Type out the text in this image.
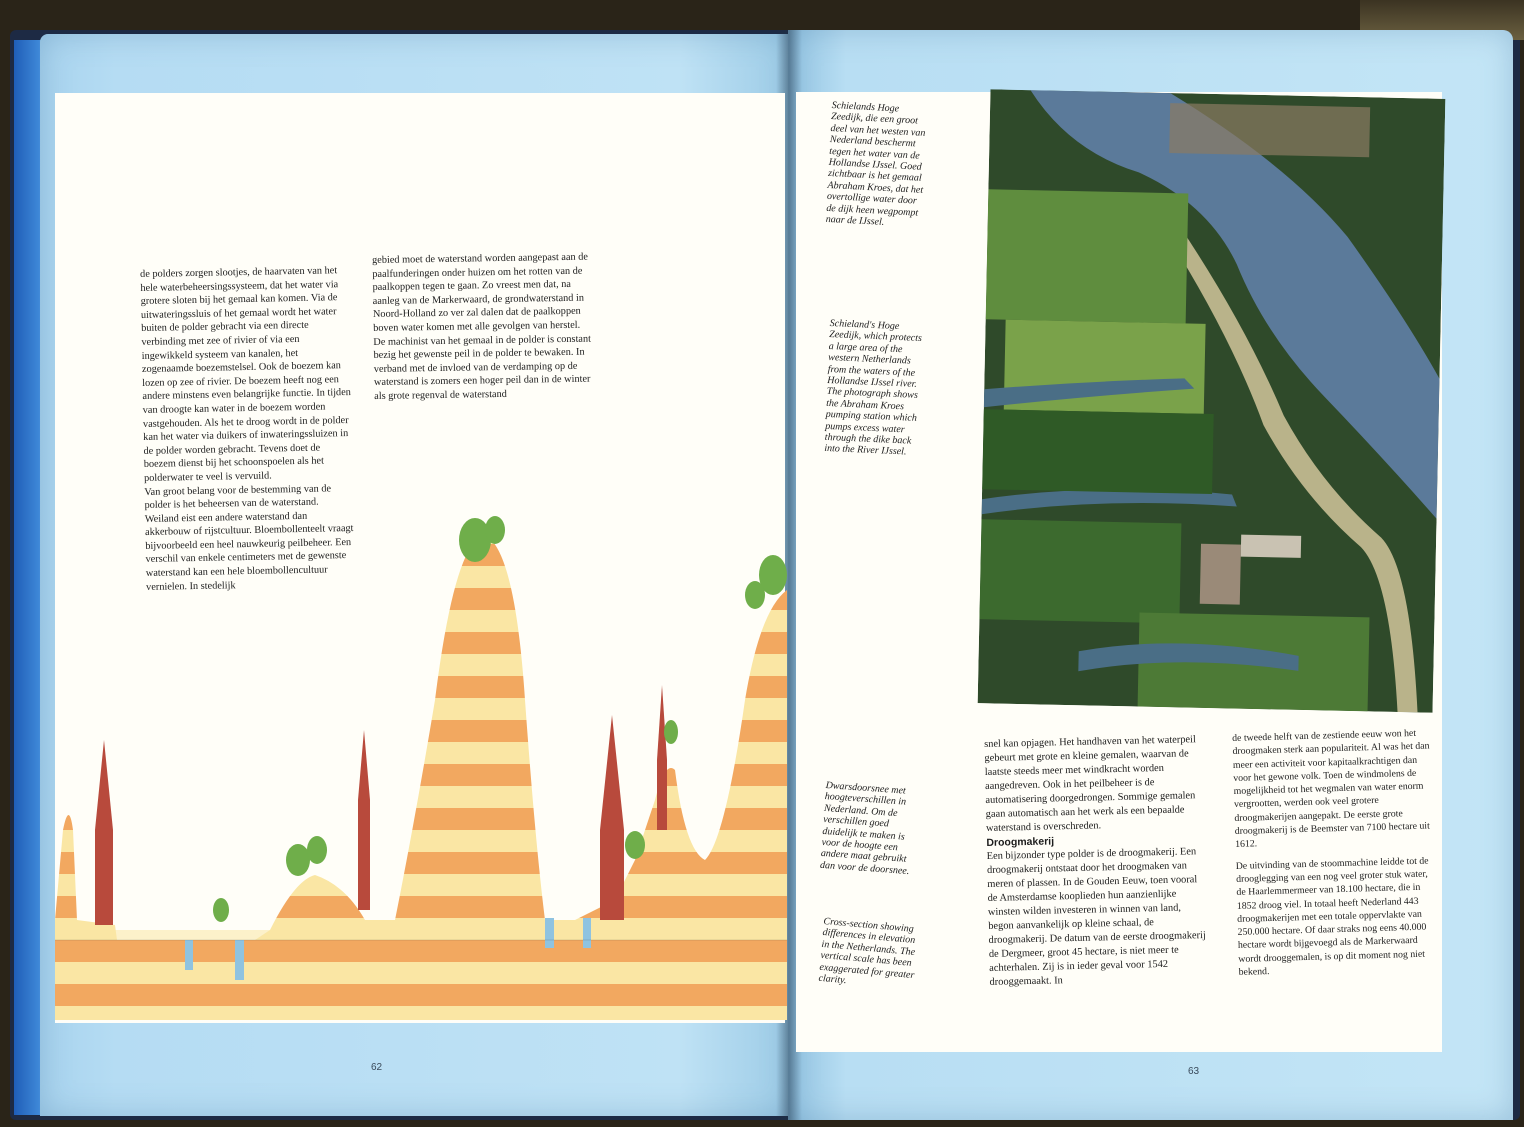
de polders zorgen slootjes, de haarvaten van het hele waterbeheersingssysteem, dat het water via grotere sloten bij het gemaal kan komen. Via de uitwateringssluis of het gemaal wordt het water buiten de polder gebracht via een directe verbinding met zee of rivier of via een ingewikkeld systeem van kanalen, het zogenaamde boezemstelsel. Ook de boezem kan lozen op zee of rivier. De boezem heeft nog een andere minstens even belangrijke functie. In tijden van droogte kan water in de boezem worden vastgehouden. Als het te droog wordt in de polder kan het water via duikers of inwateringssluizen in de polder worden gebracht. Tevens doet de boezem dienst bij het schoonspoelen als het polderwater te veel is vervuild.

Van groot belang voor de bestemming van de polder is het beheersen van de waterstand. Weiland eist een andere waterstand dan akkerbouw of rijstcultuur. Bloembollenteelt vraagt bijvoorbeeld een heel nauwkeurig peilbeheer. Een verschil van enkele centimeters met de gewenste waterstand kan een hele bloembollencultuur vernielen. In stedelijk

gebied moet de waterstand worden aangepast aan de paalfunderingen onder huizen om het rotten van de paalkoppen tegen te gaan. Zo vreest men dat, na aanleg van de Markerwaard, de grondwaterstand in Noord-Holland zo ver zal dalen dat de paalkoppen boven water komen met alle gevolgen van herstel.

De machinist van het gemaal in de polder is constant bezig het gewenste peil in de polder te bewaken. In verband met de invloed van de verdamping op de waterstand is zomers een hoger peil dan in de winter als grote regenval de waterstand

Schielands Hoge Zeedijk, die een groot deel van het westen van Nederland beschermt tegen het water van de Hollandse IJssel. Goed zichtbaar is het gemaal Abraham Kroes, dat het overtollige water door de dijk heen wegpompt naar de IJssel.

Schieland's Hoge Zeedijk, which protects a large area of the western Netherlands from the waters of the Hollandse IJssel river. The photograph shows the Abraham Kroes pumping station which pumps excess water through the dike back into the River IJssel.

Dwarsdoorsnee met hoogteverschillen in Nederland. Om de verschillen goed duidelijk te maken is voor de hoogte een andere maat gebruikt dan voor de doorsnee.

Cross-section showing differences in elevation in the Netherlands. The vertical scale has been exaggerated for greater clarity.

snel kan opjagen. Het handhaven van het waterpeil gebeurt met grote en kleine gemalen, waarvan de laatste steeds meer met windkracht worden aangedreven. Ook in het peilbeheer is de automatisering doorgedrongen. Sommige gemalen gaan automatisch aan het werk als een bepaalde waterstand is overschreden.

Droogmakerij

Een bijzonder type polder is de droogmakerij. Een droogmakerij ontstaat door het droogmaken van meren of plassen. In de Gouden Eeuw, toen vooral de Amsterdamse kooplieden hun aanzienlijke winsten wilden investeren in winnen van land, begon aanvankelijk op kleine schaal, de droogmakerij. De datum van de eerste droogmakerij de Dergmeer, groot 45 hectare, is niet meer te achterhalen. Zij is in ieder geval voor 1542 drooggemaakt. In

de tweede helft van de zestiende eeuw won het droogmaken sterk aan populariteit. Al was het dan meer een activiteit voor kapitaalkrachtigen dan voor het gewone volk. Toen de windmolens de mogelijkheid tot het wegmalen van water enorm vergrootten, werden ook veel grotere droogmakerijen aangepakt. De eerste grote droogmakerij is de Beemster van 7100 hectare uit 1612.

De uitvinding van de stoommachine leidde tot de drooglegging van een nog veel groter stuk water, de Haarlemmermeer van 18.100 hectare, die in 1852 droog viel. In totaal heeft Nederland 443 droogmakerijen met een totale oppervlakte van 250.000 hectare. Of daar straks nog eens 40.000 hectare wordt bijgevoegd als de Markerwaard wordt drooggemalen, is op dit moment nog niet bekend.

62	63
